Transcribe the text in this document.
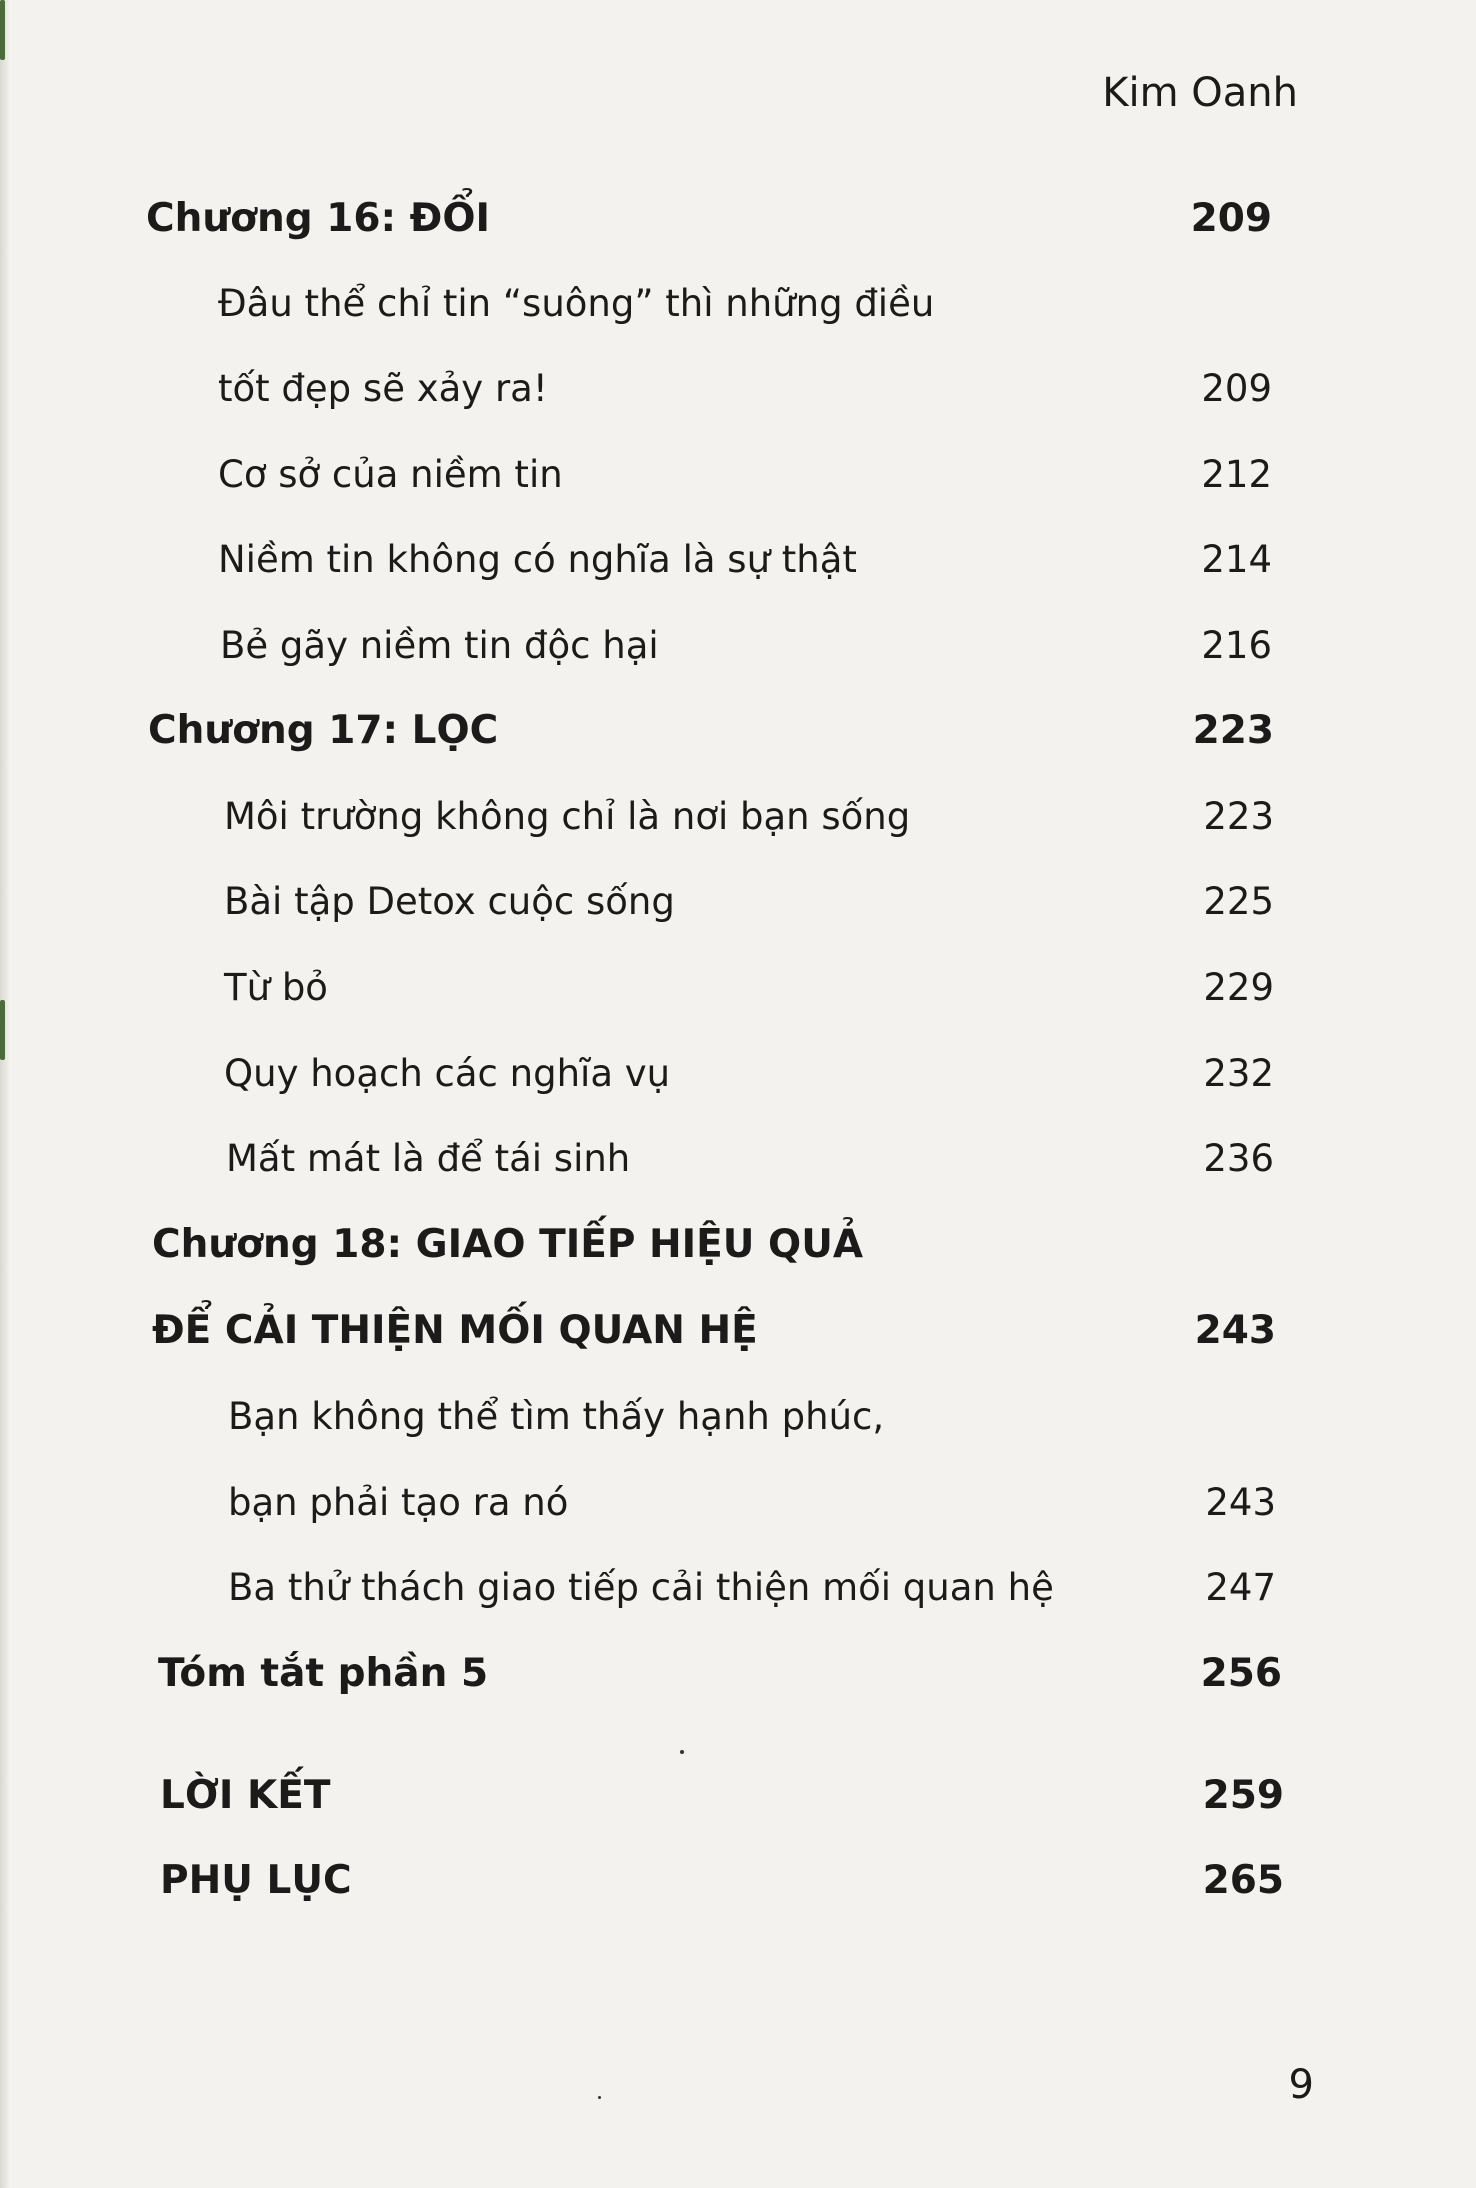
Kim Oanh
Chương 16: ĐỔI	209
Đâu thể chỉ tin “suông” thì những điều
tốt đẹp sẽ xảy ra!	209
Cơ sở của niềm tin	212
Niềm tin không có nghĩa là sự thật	214
Bẻ gãy niềm tin độc hại	216
Chương 17: LỌC	223
Môi trường không chỉ là nơi bạn sống	223
Bài tập Detox cuộc sống	225
Từ bỏ	229
Quy hoạch các nghĩa vụ	232
Mất mát là để tái sinh	236
Chương 18: GIAO TIẾP HIỆU QUẢ
ĐỂ CẢI THIỆN MỐI QUAN HỆ	243
Bạn không thể tìm thấy hạnh phúc,
bạn phải tạo ra nó	243
Ba thử thách giao tiếp cải thiện mối quan hệ	247
Tóm tắt phần 5	256
LỜI KẾT	259
PHỤ LỤC	265
9
